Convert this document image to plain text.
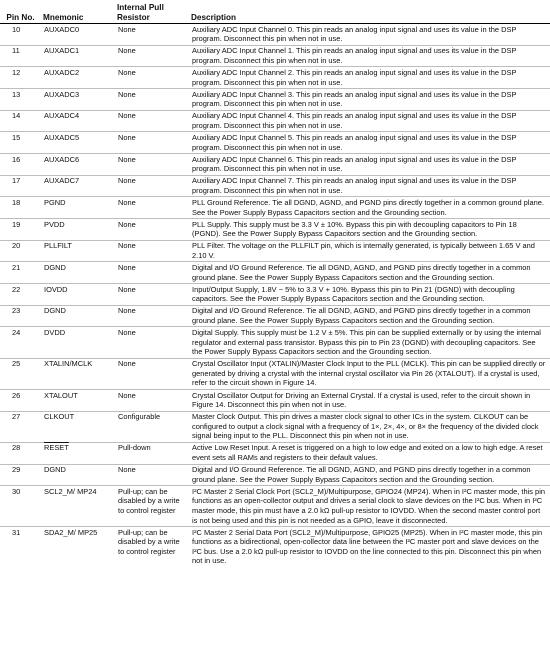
Pin No.	Mnemonic	Internal Pull Resistor	Description
10	AUXADC0	None	Auxiliary ADC Input Channel 0. This pin reads an analog input signal and uses its value in the DSP program. Disconnect this pin when not in use.
11	AUXADC1	None	Auxiliary ADC Input Channel 1. This pin reads an analog input signal and uses its value in the DSP program. Disconnect this pin when not in use.
12	AUXADC2	None	Auxiliary ADC Input Channel 2. This pin reads an analog input signal and uses its value in the DSP program. Disconnect this pin when not in use.
13	AUXADC3	None	Auxiliary ADC Input Channel 3. This pin reads an analog input signal and uses its value in the DSP program. Disconnect this pin when not in use.
14	AUXADC4	None	Auxiliary ADC Input Channel 4. This pin reads an analog input signal and uses its value in the DSP program. Disconnect this pin when not in use.
15	AUXADC5	None	Auxiliary ADC Input Channel 5. This pin reads an analog input signal and uses its value in the DSP program. Disconnect this pin when not in use.
16	AUXADC6	None	Auxiliary ADC Input Channel 6. This pin reads an analog input signal and uses its value in the DSP program. Disconnect this pin when not in use.
17	AUXADC7	None	Auxiliary ADC Input Channel 7. This pin reads an analog input signal and uses its value in the DSP program. Disconnect this pin when not in use.
18	PGND	None	PLL Ground Reference. Tie all DGND, AGND, and PGND pins directly together in a common ground plane. See the Power Supply Bypass Capacitors section and the Grounding section.
19	PVDD	None	PLL Supply. This supply must be 3.3 V ± 10%. Bypass this pin with decoupling capacitors to Pin 18 (PGND). See the Power Supply Bypass Capacitors section and the Grounding section.
20	PLLFILT	None	PLL Filter. The voltage on the PLLFILT pin, which is internally generated, is typically between 1.65 V and 2.10 V.
21	DGND	None	Digital and I/O Ground Reference. Tie all DGND, AGND, and PGND pins directly together in a common ground plane. See the Power Supply Bypass Capacitors section and the Grounding section.
22	IOVDD	None	Input/Output Supply, 1.8V − 5% to 3.3 V + 10%. Bypass this pin to Pin 21 (DGND) with decoupling capacitors. See the Power Supply Bypass Capacitors section and the Grounding section.
23	DGND	None	Digital and I/O Ground Reference. Tie all DGND, AGND, and PGND pins directly together in a common ground plane. See the Power Supply Bypass Capacitors section and the Grounding section.
24	DVDD	None	Digital Supply. This supply must be 1.2 V ± 5%. This pin can be supplied externally or by using the internal regulator and external pass transistor. Bypass this pin to Pin 23 (DGND) with decoupling capacitors. See the Power Supply Bypass Capacitors section and the Grounding section.
25	XTALIN/MCLK	None	Crystal Oscillator Input (XTALIN)/Master Clock Input to the PLL (MCLK). This pin can be supplied directly or generated by driving a crystal with the internal crystal oscillator via Pin 26 (XTALOUT). If a crystal is used, refer to the circuit shown in Figure 14.
26	XTALOUT	None	Crystal Oscillator Output for Driving an External Crystal. If a crystal is used, refer to the circuit shown in Figure 14. Disconnect this pin when not in use.
27	CLKOUT	Configurable	Master Clock Output. This pin drives a master clock signal to other ICs in the system. CLKOUT can be configured to output a clock signal with a frequency of 1×, 2×, 4×, or 8× the frequency of the divided clock signal being input to the PLL. Disconnect this pin when not in use.
28	RESET	Pull-down	Active Low Reset Input. A reset is triggered on a high to low edge and exited on a low to high edge. A reset event sets all RAMs and registers to their default values.
29	DGND	None	Digital and I/O Ground Reference. Tie all DGND, AGND, and PGND pins directly together in a common ground plane. See the Power Supply Bypass Capacitors section and the Grounding section.
30	SCL2_M/ MP24	Pull-up; can be disabled by a write to control register	I²C Master 2 Serial Clock Port (SCL2_M)/Multipurpose, GPIO24 (MP24). When in I²C master mode, this pin functions as an open-collector output and drives a serial clock to slave devices on the I²C bus. When in I²C master mode, this pin must have a 2.0 kΩ pull-up resistor to IOVDD. When the second master control port is not being used and this pin is not needed as a GPIO, leave it disconnected.
31	SDA2_M/ MP25	Pull-up; can be disabled by a write to control register	I²C Master 2 Serial Data Port (SCL2_M)/Multipurpose, GPIO25 (MP25). When in I²C master mode, this pin functions as a bidirectional, open-collector data line between the I²C master port and slave devices on the I²C bus. Use a 2.0 kΩ pull-up resistor to IOVDD on the line connected to this pin. Disconnect this pin when not in use.
